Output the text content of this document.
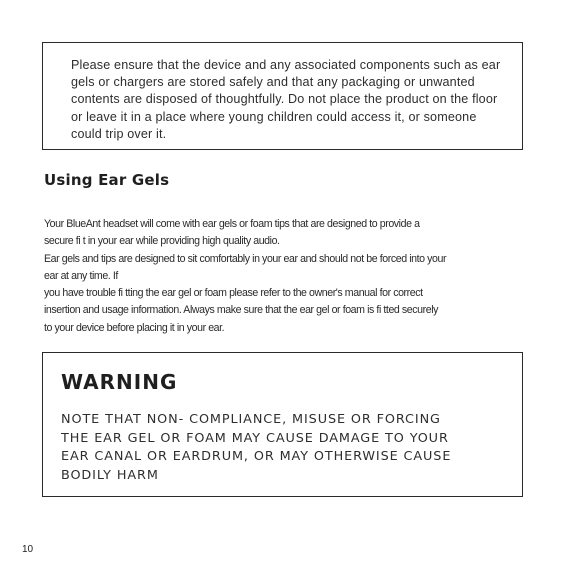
Please ensure that the device and any associated components such as ear gels or chargers are stored safely and that any packaging or unwanted contents are disposed of thoughtfully. Do not place the product on the floor or leave it in a place where young children could access it, or someone could trip over it.

Using Ear Gels

Your BlueAnt headset will come with ear gels or foam tips that are designed to provide a

secure fi t in your ear while providing high quality audio.

Ear gels and tips are designed to sit comfortably in your ear and should not be forced into your

ear at any time. If

you have trouble fi tting the ear gel or foam please refer to the owner's manual for correct

insertion and usage information. Always make sure that the ear gel or foam is fi tted securely

to your device before placing it in your ear.

WARNING

NOTE THAT NON- COMPLIANCE, MISUSE OR FORCING
THE EAR GEL OR FOAM MAY CAUSE DAMAGE TO YOUR
EAR CANAL OR EARDRUM, OR MAY OTHERWISE CAUSE
BODILY HARM

10
